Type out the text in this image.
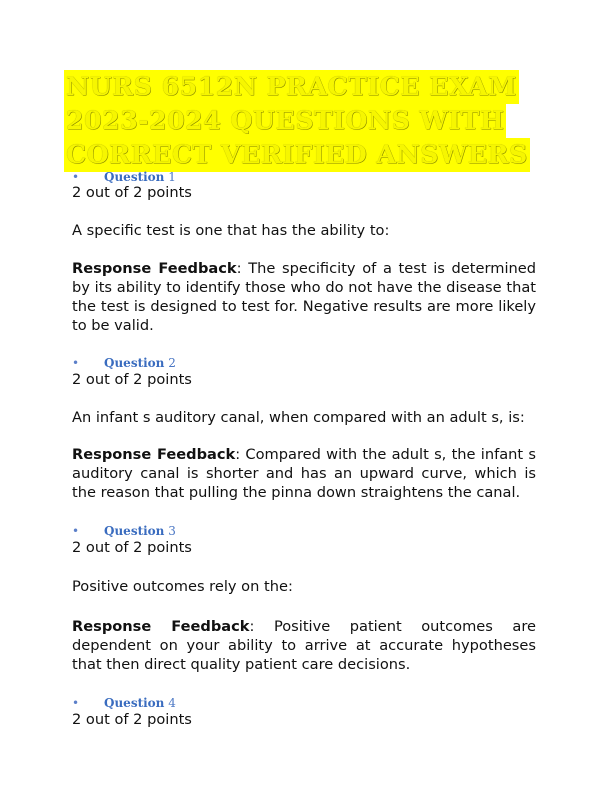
NURS 6512N PRACTICE EXAM
2023-2024 QUESTIONS WITH
CORRECT VERIFIED ANSWERS
• Question 1
2 out of 2 points
A specific test is one that has the ability to:
Response Feedback: The specificity of a test is determined by its ability to identify those who do not have the disease that the test is designed to test for. Negative results are more likely to be valid.
• Question 2
2 out of 2 points
An infant s auditory canal, when compared with an adult s, is:
Response Feedback: Compared with the adult s, the infant s auditory canal is shorter and has an upward curve, which is the reason that pulling the pinna down straightens the canal.
• Question 3
2 out of 2 points
Positive outcomes rely on the:
Response Feedback: Positive patient outcomes are dependent on your ability to arrive at accurate hypotheses that then direct quality patient care decisions.
• Question 4
2 out of 2 points
